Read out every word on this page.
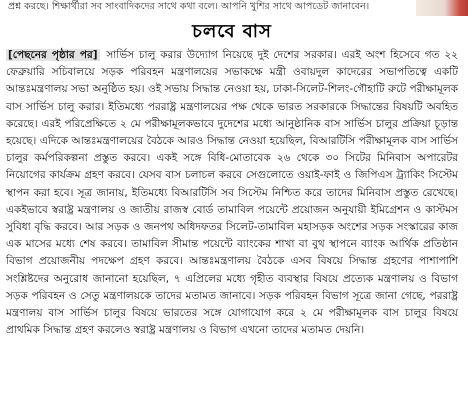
প্রশ্ন করছে। শিক্ষার্থীরা সব সাংবাদিকদের সাথে কথা বলে। আপনি খুশির সাথে আপডেট জানাবেন।
চলবে বাস
[পেছনের পৃষ্ঠার পর] সার্ভিস চালু করার উদ্যোগ নিয়েছে দুই দেশের সরকার। এরই অংশ হিসেবে গত ২২ ফেব্রুয়ারি সচিবালয়ে সড়ক পরিবহন মন্ত্রণালয়ের সভাকক্ষে মন্ত্রী ওবায়দুল কাদেরের সভাপতিত্বে একটি আন্তঃমন্ত্রণালয় সভা অনুষ্ঠিত হয়। ওই সভায় সিদ্ধান্ত নেওয়া হয়, ঢাকা-সিলেট-শিলং-গৌহাটি রুটে পরীক্ষামূলক বাস সার্ভিস চালু করার। ইতিমধ্যে পররাষ্ট্র মন্ত্রণালয়ের পক্ষ থেকে ভারত সরকারকে সিদ্ধান্তের বিষয়টি অবহিত করেছে। এরই পরিপ্রেক্ষিতে ২ মে পরীক্ষামূলকভাবে দুদেশের মধ্যে আনুষ্ঠানিক বাস সার্ভিস চালুর প্রক্রিয়া চূড়ান্ত হয়েছে। এদিকে আন্তঃমন্ত্রণালয়ের বৈঠকে আরও সিদ্ধান্ত নেওয়া হয়েছিল, বিআরটিসি পরীক্ষামূলক বাস সার্ভিস চালুর কর্মপরিকল্পনা প্রস্তুত করবে। একই সঙ্গে বিধি-মোতাবেক ২৬ থেকে ৩০ সিটের মিনিবাস অপারেটর নিয়োগের কার্যক্রম গ্রহণ করবে। যেসব বাস চলাচল করবে সেগুলোতে ওয়াই-ফাই ও জিপিএস ট্র্যাকিং সিস্টেম স্থাপন করা হবে। সূত্র জানায়, ইতিমধ্যে বিআরটিসি সব সিস্টেম নিশ্চিত করে তাদের মিনিবাস প্রস্তুত রেখেছে। একইভাবে স্বরাষ্ট্র মন্ত্রণালয় ও জাতীয় রাজস্ব বোর্ড তামাবিল পয়েন্টে প্রয়োজন অনুযায়ী ইমিগ্রেশন ও কাস্টমস সুবিধা বৃদ্ধি করবে। আর সড়ক ও জনপথ অধিদফতর সিলেট-তামাবিল মহাসড়ক অংশের সড়ক সংস্কারের কাজ এক মাসের মধ্যে শেষ করবে। তামাবিল সীমান্ত পয়েন্টে ব্যাংকের শাখা বা বুথ স্থাপনে ব্যাংক আর্থিক প্রতিষ্ঠান বিভাগ প্রয়োজনীয় পদক্ষেপ গ্রহণ করবে। আন্তঃমন্ত্রণালয় বৈঠকে এসব বিষয়ে সিদ্ধান্ত গ্রহণের পাশাপাশি সংশ্লিষ্টদের অনুরোধ জানানো হয়েছিল, ৭ এপ্রিলের মধ্যে গৃহীত ব্যবস্থার বিষয়ে প্রত্যেক মন্ত্রণালয় ও বিভাগ সড়ক পরিবহন ও সেতু মন্ত্রণালয়কে তাদের মতামত জানাবে। সড়ক পরিবহন বিভাগ সূত্রে জানা গেছে, পররাষ্ট্র মন্ত্রণালয় বাস সার্ভিস চালুর বিষয়ে ভারতের সঙ্গে যোগাযোগ করে ২ মে পরীক্ষামূলক বাস চালুর বিষয়ে প্রাথমিক সিদ্ধান্ত গ্রহণ করলেও স্বরাষ্ট্র মন্ত্রণালয় ও বিভাগ এখনো তাদের মতামত দেয়নি।
